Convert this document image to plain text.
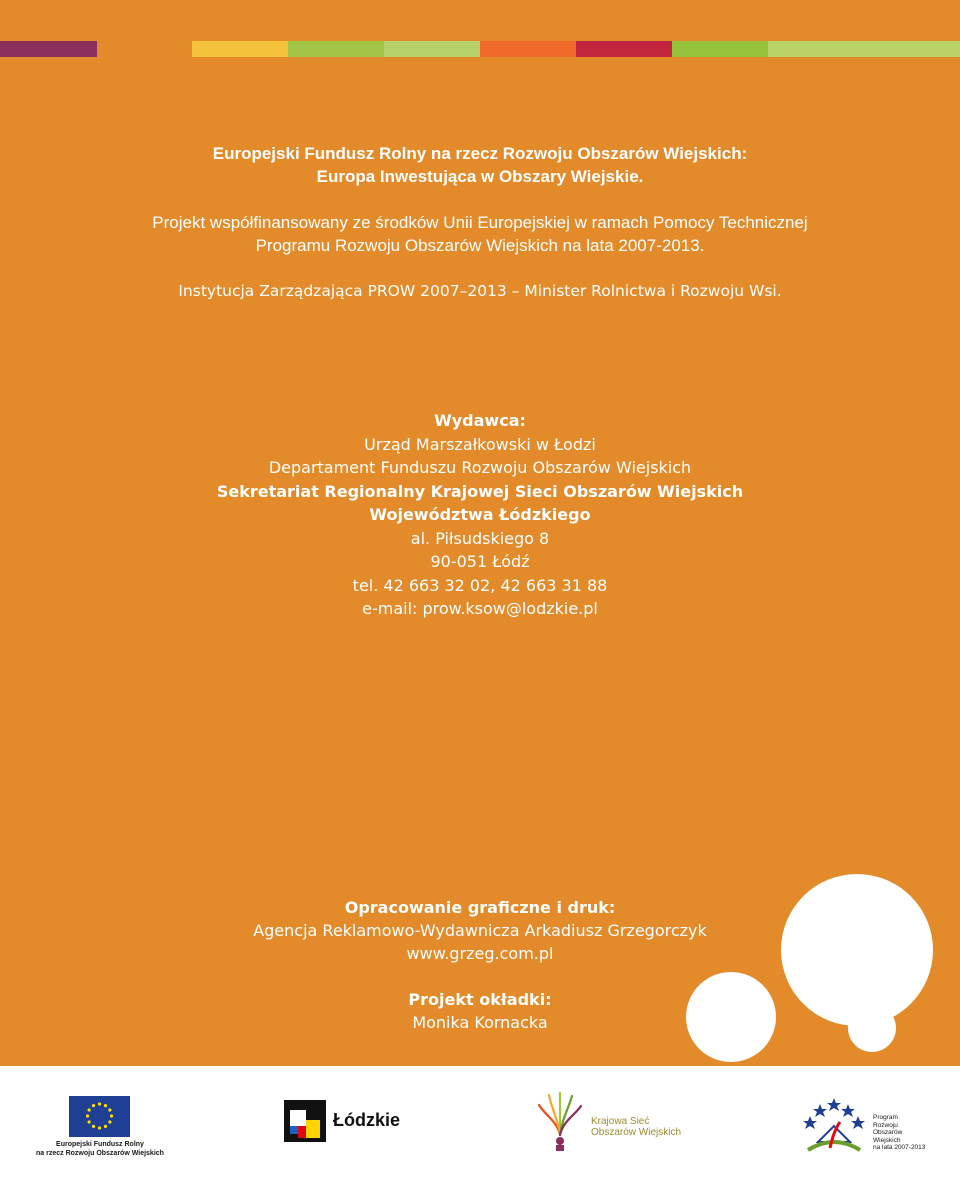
Europejski Fundusz Rolny na rzecz Rozwoju Obszarów Wiejskich:
Europa Inwestująca w Obszary Wiejskie.
Projekt współfinansowany ze środków Unii Europejskiej w ramach Pomocy Technicznej
Programu Rozwoju Obszarów Wiejskich na lata 2007-2013.
Instytucja Zarządzająca PROW 2007–2013 – Minister Rolnictwa i Rozwoju Wsi.
Wydawca:
Urząd Marszałkowski w Łodzi
Departament Funduszu Rozwoju Obszarów Wiejskich
Sekretariat Regionalny Krajowej Sieci Obszarów Wiejskich
Województwa Łódzkiego
al. Piłsudskiego 8
90-051 Łódź
tel. 42 663 32 02, 42 663 31 88
e-mail: prow.ksow@lodzkie.pl
Opracowanie graficzne i druk:
Agencja Reklamowo-Wydawnicza Arkadiusz Grzegorczyk
www.grzeg.com.pl
Projekt okładki:
Monika Kornacka
Europejski Fundusz Rolny
na rzecz Rozwoju Obszarów Wiejskich
Łódzkie	Krajowa Sieć
Obszarów Wiejskich
Program
Rozwoju
Obszarów
Wiejskich
na lata 2007-2013
